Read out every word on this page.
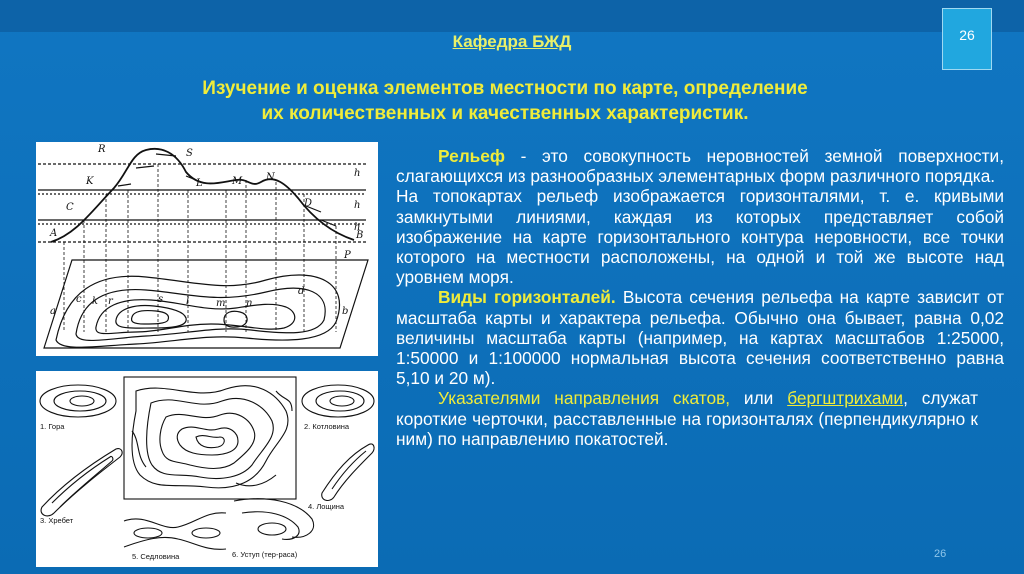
Кафедра БЖД	26
Изучение и оценка элементов местности по карте, определение
их количественных и качественных характеристик.
R	S
K	L	M N
C	D
A	B
P
h
h
h
a
c k r	s l	m n
d
b
1. Гора	2. Котловина
3. Хребет
4. Лощина
5. Седловина	6. Уступ (тер-раса)

Рельеф - это совокупность неровностей земной поверхности, слагающихся из разнообразных элементарных форм различного порядка.

На топокартах рельеф изображается горизонталями, т. е. кривыми замкнутыми линиями, каждая из которых представляет собой изображение на карте горизонтального контура неровности, все точки которого на местности расположены, на одной и той же высоте над уровнем моря.

Виды горизонталей. Высота сечения рельефа на карте зависит от масштаба карты и характера рельефа. Обычно она бывает, равна 0,02 величины масштаба карты (например, на картах масштабов 1:25000, 1:50000 и 1:100000 нормальная высота сечения соответственно равна 5,10 и 20 м).

Указателями направления скатов, или бергштрихами, служат короткие черточки, расставленные на горизонталях (перпендикулярно к ним) по направлению покатостей.

26
